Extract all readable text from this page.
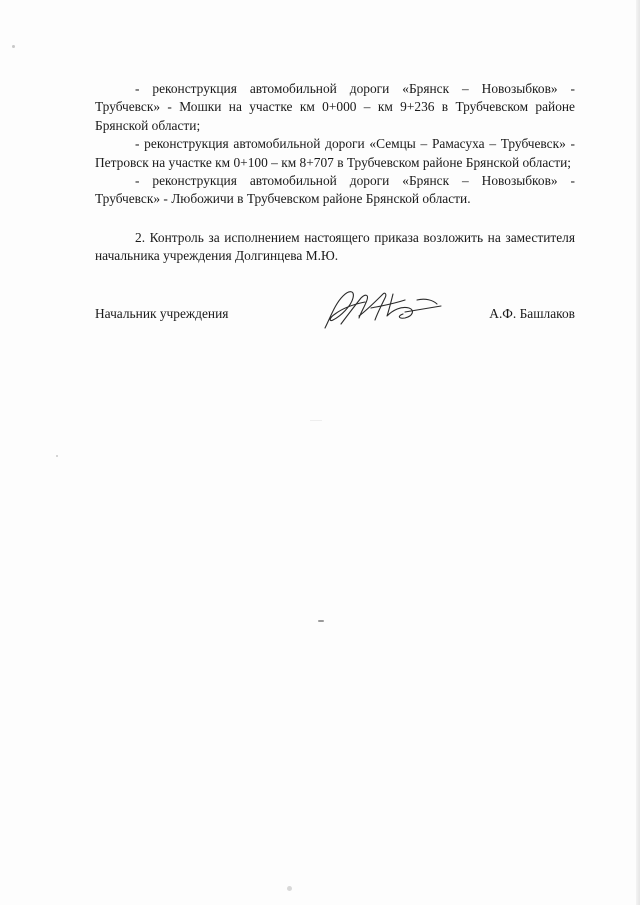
- реконструкция автомобильной дороги «Брянск – Новозыбков» - Трубчевск» - Мошки на участке км 0+000 – км 9+236 в Трубчевском районе Брянской области;

- реконструкция автомобильной дороги «Семцы – Рамасуха – Трубчевск» - Петровск на участке км 0+100 – км 8+707 в Трубчевском районе Брянской области;

- реконструкция автомобильной дороги «Брянск – Новозыбков» - Трубчевск» - Любожичи в Трубчевском районе Брянской области.

2. Контроль за исполнением настоящего приказа возложить на заместителя начальника учреждения Долгинцева М.Ю.

Начальник учреждения	А.Ф. Башлаков
